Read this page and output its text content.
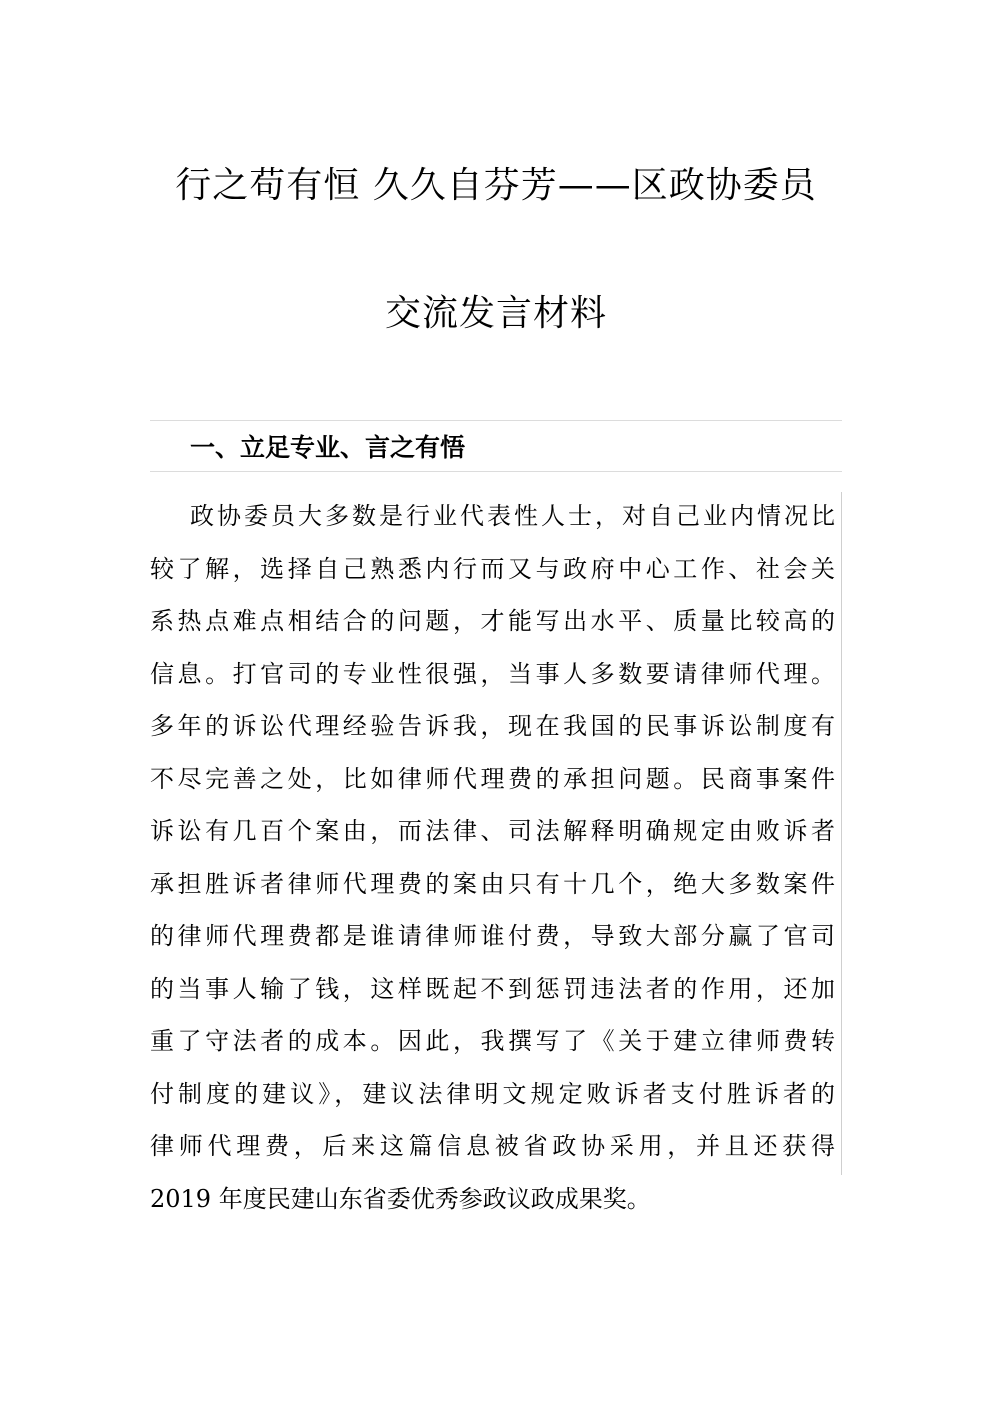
行之苟有恒 久久自芬芳——区政协委员
交流发言材料
一、立足专业、言之有悟
政协委员大多数是行业代表性人士，对自己业内情况比
较了解，选择自己熟悉内行而又与政府中心工作、社会关
系热点难点相结合的问题，才能写出水平、质量比较高的
信息。打官司的专业性很强，当事人多数要请律师代理。
多年的诉讼代理经验告诉我，现在我国的民事诉讼制度有
不尽完善之处，比如律师代理费的承担问题。民商事案件
诉讼有几百个案由，而法律、司法解释明确规定由败诉者
承担胜诉者律师代理费的案由只有十几个，绝大多数案件
的律师代理费都是谁请律师谁付费，导致大部分赢了官司
的当事人输了钱，这样既起不到惩罚违法者的作用，还加
重了守法者的成本。因此，我撰写了《关于建立律师费转
付制度的建议》，建议法律明文规定败诉者支付胜诉者的
律师代理费，后来这篇信息被省政协采用，并且还获得
2019 年度民建山东省委优秀参政议政成果奖。
